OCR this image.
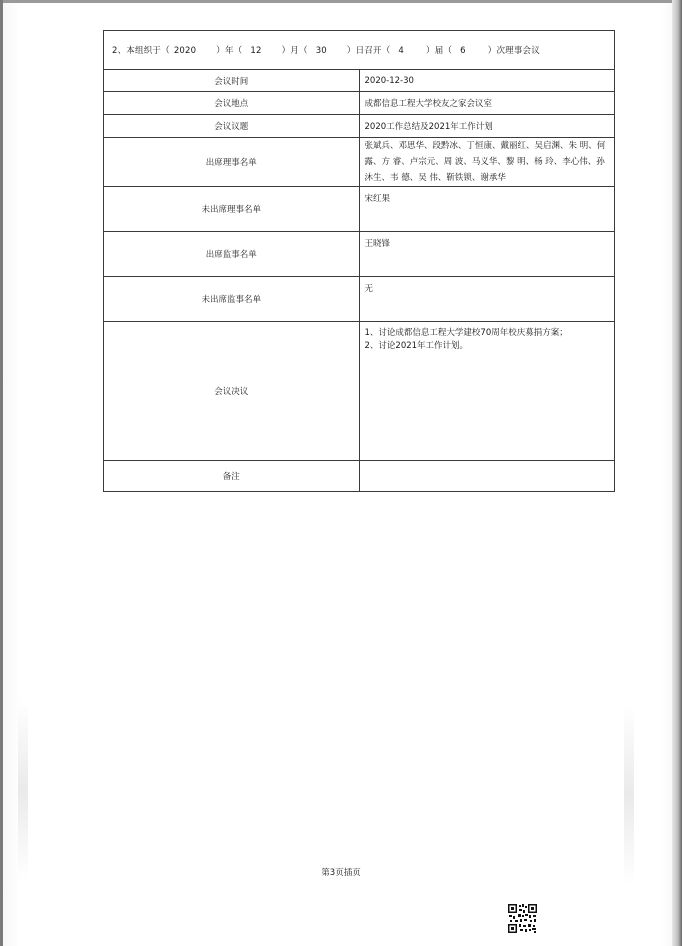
2、本组织于（ 2020 ）年（ 12 ）月（ 30 ）日召开（ 4 ）届（ 6 ）次理事会议	
会议时间	2020-12-30
会议地点	成都信息工程大学校友之家会议室
会议议题	2020工作总结及2021年工作计划
出席理事名单	张斌兵、邓思华、段黔冰、丁恒康、戴丽红、吴启渊、朱 明、何 露、方 睿、卢宗元、周 波、马义华、黎 明、杨 玲、李心伟、孙沐生、韦 德、吴 伟、靳铁锁、谢承华
未出席理事名单	宋红果
出席监事名单	王晓锋
未出席监事名单	无
会议决议	1、讨论成都信息工程大学建校70周年校庆募捐方案；
2、讨论2021年工作计划。

备注	
第3页插页
